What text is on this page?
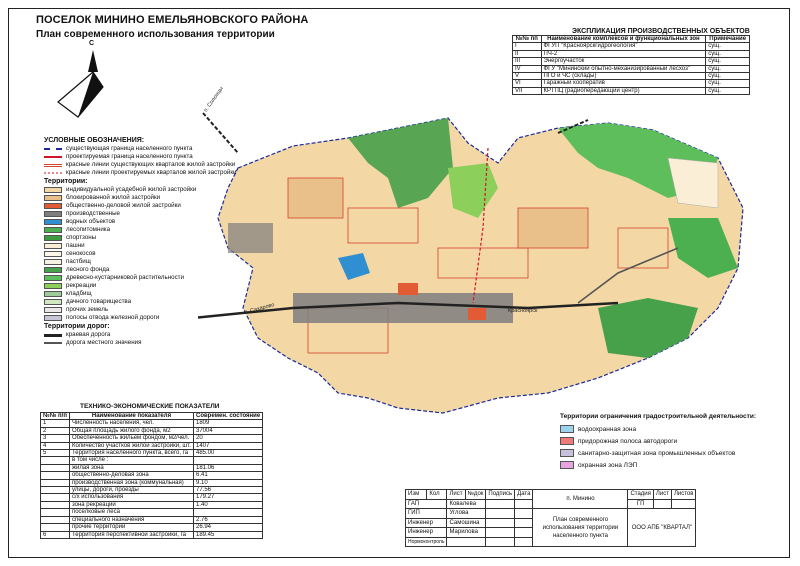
ПОСЕЛОК МИНИНО ЕМЕЛЬЯНОВСКОГО РАЙОНА
План современного использования территории
С
п. Солонцы
п. Сахарово	Красноярск
УСЛОВНЫЕ ОБОЗНАЧЕНИЯ:
существующая граница населенного пункта
проектируемая граница населенного пункта
красные линии существующих кварталов жилой застройки
красные линии проектируемых кварталов жилой застройки
Территории:
индивидуальной усадебной жилой застройки
блокированной жилой застройки
общественно-деловой жилой застройки
производственные
водных объектов
лесопитомника
спортзоны
пашни
сенокосов
пастбищ
лесного фонда
древесно-кустарниковой растительности
рекреации
кладбищ
дачного товарищества
прочих земель
полосы отвода железной дороги
Территории дорог:
краевая дорога
дорога местного значения
ТЕХНИКО-ЭКОНОМИЧЕСКИЕ ПОКАЗАТЕЛИ
№№ п/п	Наименование показателя	Современ. состояние
1	Численность населения, чел.	1809
2	Общая площадь жилого фонда, м2	37004
3	Обеспеченность жильем фондом, м2/чел.	20
4	Количество участков жилой застройки, шт.	1407
5	Территория населенного пункта, всего, га	485.00
	в том числе :	
	жилая зона	181.06
	общественно-деловая зона	6.41
	производственная зона (коммунальная)	9.10
	улицы, дороги, проезды	77.56
	с/х использования	179.27
	зона рекреации	1.40
	поселковые леса	
	специального назначения	2.76
	прочие территории	26.94
6	Территория перспективной застройки, га	189.45
ЭКСПЛИКАЦИЯ ПРОИЗВОДСТВЕННЫХ ОБЪЕКТОВ
№№ пп	Наименование комплексов и функциональных зон	Примечание
I	ФГУП "Красноярскгидрогеология"	сущ.
II	ПЧ-2	сущ.
III	Энергоучасток	сущ.
IV	ФГУ "Мининский опытно-механизированный лесхоз"	сущ.
V	ПГО и ЧС (склады)	сущ.
VI	Гаражный кооператив	сущ.
VII	КРТПЦ (радиопередающий центр)	сущ.
Территории ограничения градостроительной деятельности:
водоохранная зона
придорожная полоса автодороги
санитарно-защитная зона промышленных объектов
охранная зона ЛЭП
Изм	Кол	Лист	№док	Подпись	Дата	п. Минино	Стадия	Лист	Листов
ГАП		Ковалева					ГП		
ГИП		Углова				План современного использования территории населенного пункта	ООО АПБ "КВАРТАЛ"		
Инженер		Самошина							
Инженер		Марилова							
Нормоконтроль									
